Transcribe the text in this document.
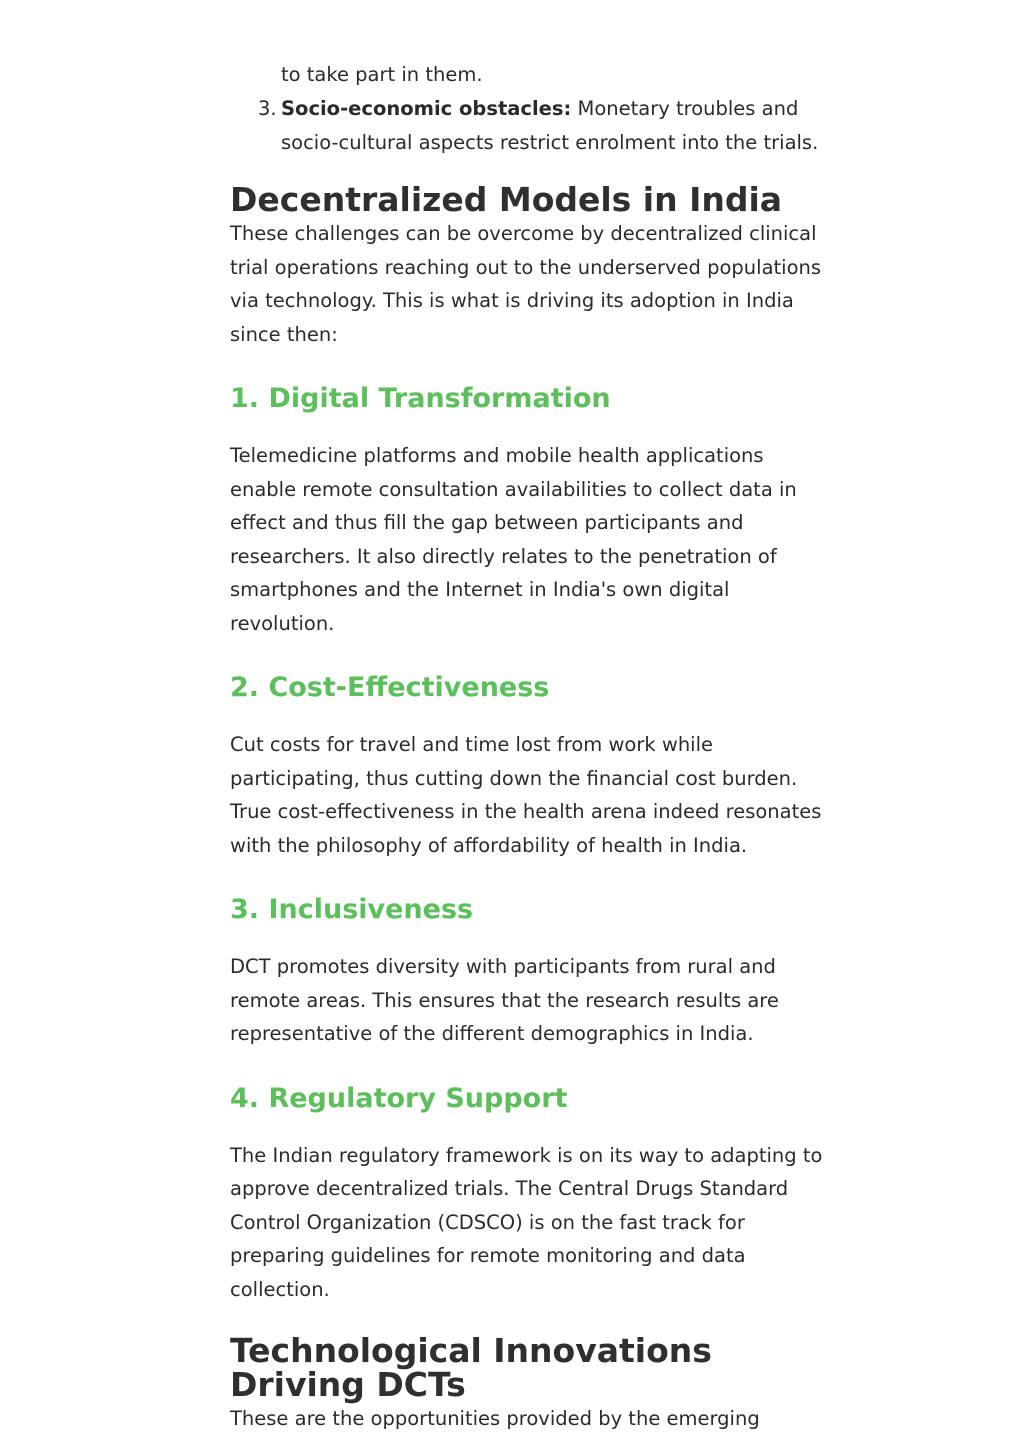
to take part in them.
3. Socio-economic obstacles: Monetary troubles and socio-cultural aspects restrict enrolment into the trials.
Decentralized Models in India

These challenges can be overcome by decentralized clinical trial operations reaching out to the underserved populations via technology. This is what is driving its adoption in India since then:

1. Digital Transformation

Telemedicine platforms and mobile health applications enable remote consultation availabilities to collect data in effect and thus fill the gap between participants and researchers. It also directly relates to the penetration of smartphones and the Internet in India's own digital revolution.

2. Cost-Effectiveness

Cut costs for travel and time lost from work while participating, thus cutting down the financial cost burden. True cost-effectiveness in the health arena indeed resonates with the philosophy of affordability of health in India.

3. Inclusiveness

DCT promotes diversity with participants from rural and remote areas. This ensures that the research results are representative of the different demographics in India.

4. Regulatory Support

The Indian regulatory framework is on its way to adapting to approve decentralized trials. The Central Drugs Standard Control Organization (CDSCO) is on the fast track for preparing guidelines for remote monitoring and data collection.

Technological Innovations Driving DCTs

These are the opportunities provided by the emerging
